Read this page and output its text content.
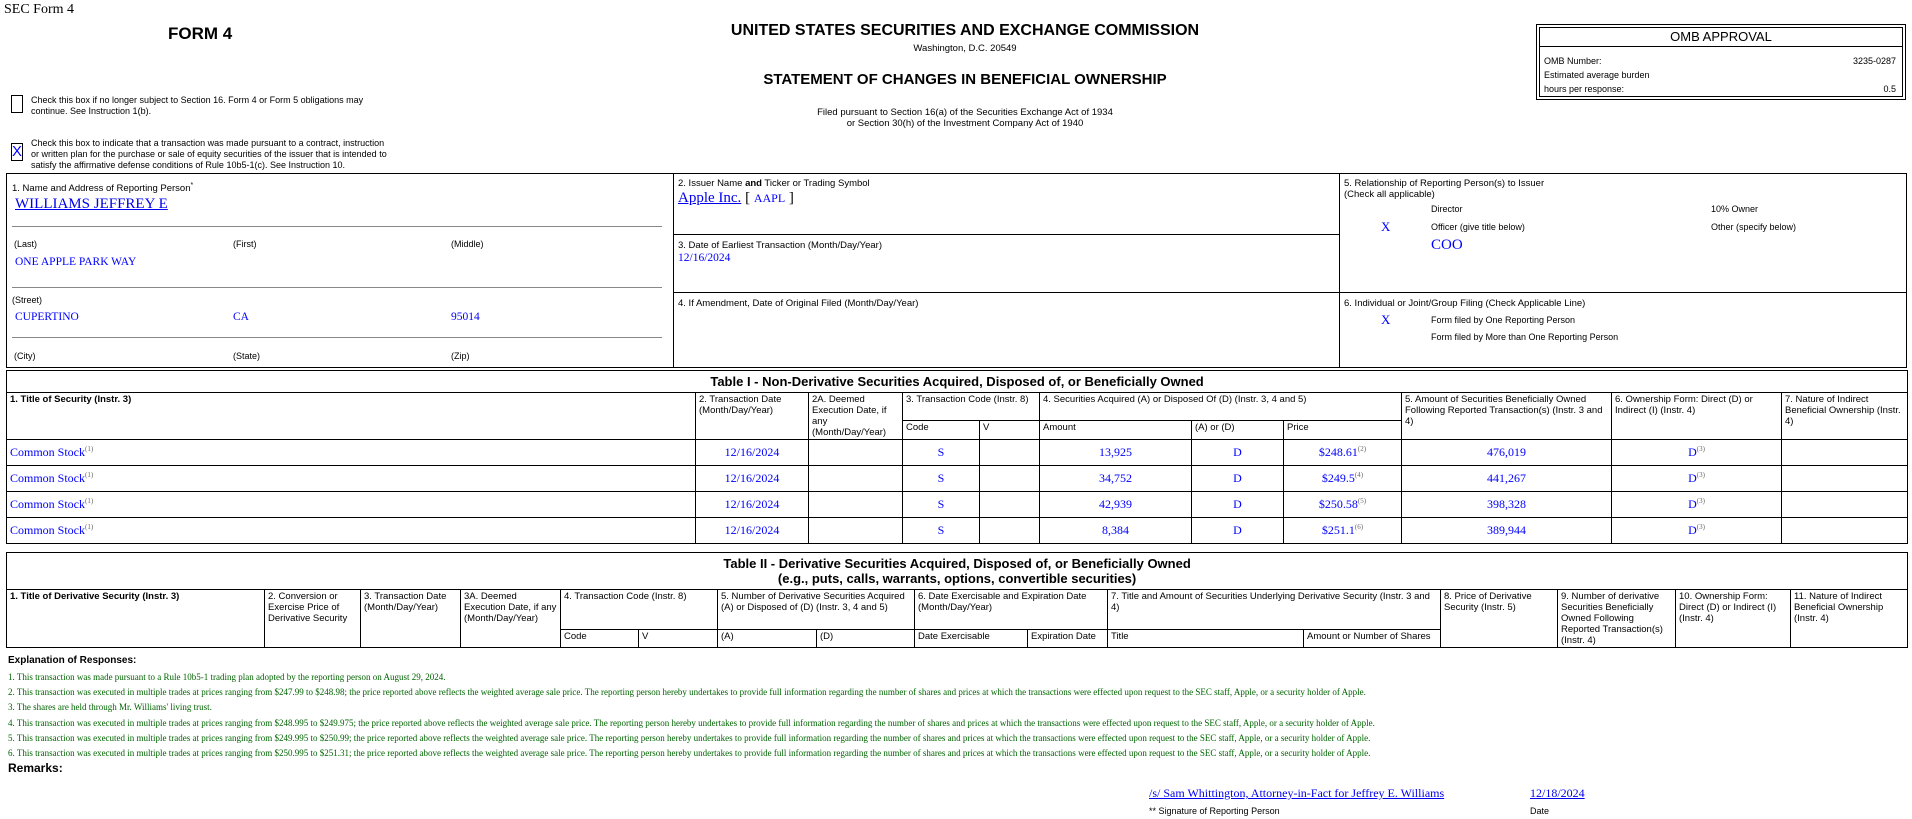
SEC Form 4
FORM 4	UNITED STATES SECURITIES AND EXCHANGE COMMISSION
Washington, D.C. 20549
STATEMENT OF CHANGES IN BENEFICIAL OWNERSHIP
Filed pursuant to Section 16(a) of the Securities Exchange Act of 1934
or Section 30(h) of the Investment Company Act of 1940
Check this box if no longer subject to Section 16. Form 4 or Form 5 obligations may
continue. See Instruction 1(b).
X Check this box to indicate that a transaction was made pursuant to a contract, instruction
or written plan for the purchase or sale of equity securities of the issuer that is intended to
satisfy the affirmative defense conditions of Rule 10b5-1(c). See Instruction 10.
OMB APPROVAL
OMB Number:	3235-0287
Estimated average burden
hours per response:	0.5
1. Name and Address of Reporting Person*
WILLIAMS JEFFREY E
(Last)	(First)	(Middle)
ONE APPLE PARK WAY
(Street)
CUPERTINO	CA	95014
(City)	(State)	(Zip)
2. Issuer Name and Ticker or Trading Symbol
Apple Inc. [ AAPL ]
3. Date of Earliest Transaction (Month/Day/Year)
12/16/2024
4. If Amendment, Date of Original Filed (Month/Day/Year)
5. Relationship of Reporting Person(s) to Issuer
(Check all applicable)
Director	10% Owner
X	Officer (give title below)	Other (specify below)
COO
6. Individual or Joint/Group Filing (Check Applicable Line)
X	Form filed by One Reporting Person
Form filed by More than One Reporting Person
Table I - Non-Derivative Securities Acquired, Disposed of, or Beneficially Owned										
1. Title of Security (Instr. 3)	2. Transaction Date (Month/Day/Year)	2A. Deemed Execution Date, if any (Month/Day/Year)	3. Transaction Code (Instr. 8)		4. Securities Acquired (A) or Disposed Of (D) (Instr. 3, 4 and 5)			5. Amount of Securities Beneficially Owned Following Reported Transaction(s) (Instr. 3 and 4)	6. Ownership Form: Direct (D) or Indirect (I) (Instr. 4)	7. Nature of Indirect Beneficial Ownership (Instr. 4)
			Code	V	Amount	(A) or (D)	Price			
Common Stock$^{(1)}$	12/16/2024		S		13,925	D	$248.61$^{(2)}$	476,019	D$^{(3)}$	
Common Stock$^{(1)}$	12/16/2024		S		34,752	D	$249.5$^{(4)}$	441,267	D$^{(3)}$	
Common Stock$^{(1)}$	12/16/2024		S		42,939	D	$250.58$^{(5)}$	398,328	D$^{(3)}$	
Common Stock$^{(1)}$	12/16/2024		S		8,384	D	$251.1$^{(6)}$	389,944	D$^{(3)}$	
Table II - Derivative Securities Acquired, Disposed of, or Beneficially Owned
(e.g., puts, calls, warrants, options, convertible securities)															

1. Title of Derivative Security (Instr. 3)	2. Conversion or Exercise Price of Derivative Security	3. Transaction Date (Month/Day/Year)	3A. Deemed Execution Date, if any (Month/Day/Year)	4. Transaction Code (Instr. 8)		5. Number of Derivative Securities Acquired (A) or Disposed of (D) (Instr. 3, 4 and 5)		6. Date Exercisable and Expiration Date (Month/Day/Year)		7. Title and Amount of Securities Underlying Derivative Security (Instr. 3 and 4)		8. Price of Derivative Security (Instr. 5)	9. Number of derivative Securities Beneficially Owned Following Reported Transaction(s) (Instr. 4)	10. Ownership Form: Direct (D) or Indirect (I) (Instr. 4)	11. Nature of Indirect Beneficial Ownership (Instr. 4)
				Code	V	(A)	(D)	Date Exercisable	Expiration Date	Title	Amount or Number of Shares				
Explanation of Responses:
1. This transaction was made pursuant to a Rule 10b5-1 trading plan adopted by the reporting person on August 29, 2024.
2. This transaction was executed in multiple trades at prices ranging from $247.99 to $248.98; the price reported above reflects the weighted average sale price. The reporting person hereby undertakes to provide full information regarding the number of shares and prices at which the transactions were effected upon request to the SEC staff, Apple, or a security holder of Apple.
3. The shares are held through Mr. Williams' living trust.
4. This transaction was executed in multiple trades at prices ranging from $248.995 to $249.975; the price reported above reflects the weighted average sale price. The reporting person hereby undertakes to provide full information regarding the number of shares and prices at which the transactions were effected upon request to the SEC staff, Apple, or a security holder of Apple.
5. This transaction was executed in multiple trades at prices ranging from $249.995 to $250.99; the price reported above reflects the weighted average sale price. The reporting person hereby undertakes to provide full information regarding the number of shares and prices at which the transactions were effected upon request to the SEC staff, Apple, or a security holder of Apple.
6. This transaction was executed in multiple trades at prices ranging from $250.995 to $251.31; the price reported above reflects the weighted average sale price. The reporting person hereby undertakes to provide full information regarding the number of shares and prices at which the transactions were effected upon request to the SEC staff, Apple, or a security holder of Apple.
Remarks:
/s/ Sam Whittington, Attorney-in-Fact for Jeffrey E. Williams	12/18/2024
** Signature of Reporting Person	Date
